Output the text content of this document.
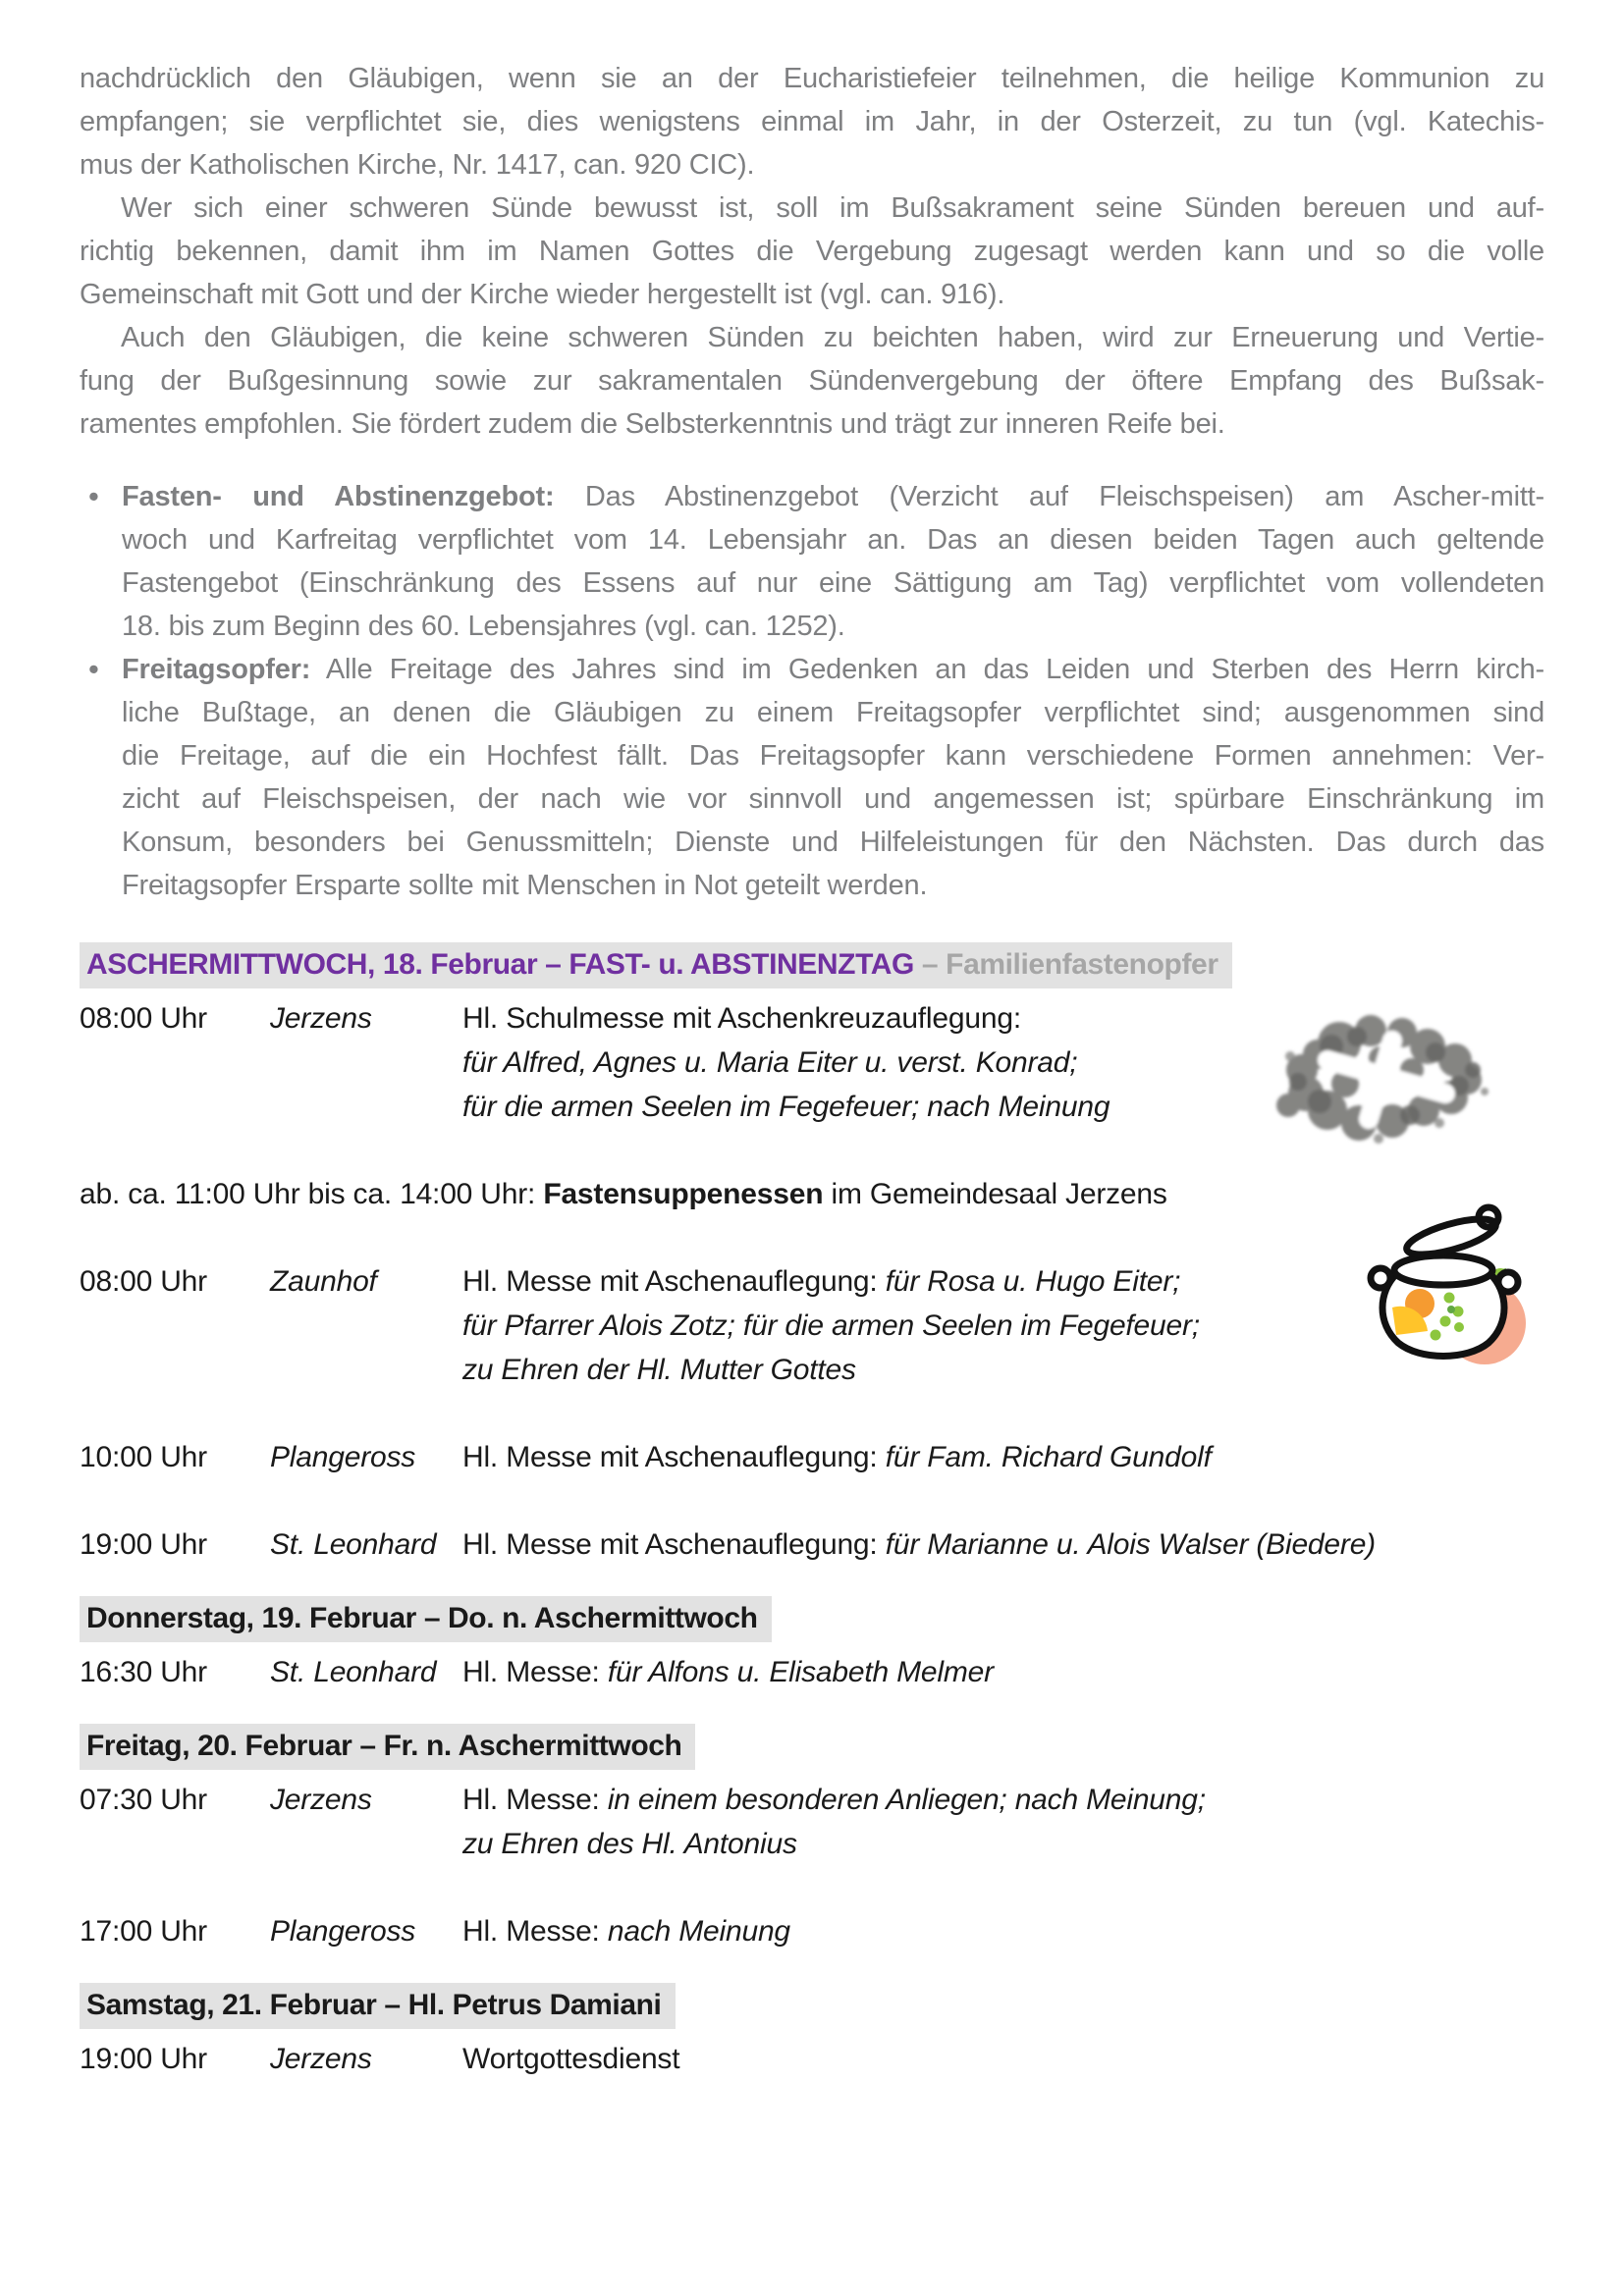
nachdrücklich den Gläubigen, wenn sie an der Eucharistiefeier teilnehmen, die heilige Kommunion zu
empfangen; sie verpflichtet sie, dies wenigstens einmal im Jahr, in der Osterzeit, zu tun (vgl. Katechis-
mus der Katholischen Kirche, Nr. 1417, can. 920 CIC).
Wer sich einer schweren Sünde bewusst ist, soll im Bußsakrament seine Sünden bereuen und auf-
richtig bekennen, damit ihm im Namen Gottes die Vergebung zugesagt werden kann und so die volle
Gemeinschaft mit Gott und der Kirche wieder hergestellt ist (vgl. can. 916).
Auch den Gläubigen, die keine schweren Sünden zu beichten haben, wird zur Erneuerung und Vertie-
fung der Bußgesinnung sowie zur sakramentalen Sündenvergebung der öftere Empfang des Bußsak-
ramentes empfohlen. Sie fördert zudem die Selbsterkenntnis und trägt zur inneren Reife bei.
• Fasten- und Abstinenzgebot: Das Abstinenzgebot (Verzicht auf Fleischspeisen) am Ascher-mitt-
woch und Karfreitag verpflichtet vom 14. Lebensjahr an. Das an diesen beiden Tagen auch geltende
Fastengebot (Einschränkung des Essens auf nur eine Sättigung am Tag) verpflichtet vom vollendeten
18. bis zum Beginn des 60. Lebensjahres (vgl. can. 1252).
• Freitagsopfer: Alle Freitage des Jahres sind im Gedenken an das Leiden und Sterben des Herrn kirch-
liche Bußtage, an denen die Gläubigen zu einem Freitagsopfer verpflichtet sind; ausgenommen sind
die Freitage, auf die ein Hochfest fällt. Das Freitagsopfer kann verschiedene Formen annehmen: Ver-
zicht auf Fleischspeisen, der nach wie vor sinnvoll und angemessen ist; spürbare Einschränkung im
Konsum, besonders bei Genussmitteln; Dienste und Hilfeleistungen für den Nächsten. Das durch das
Freitagsopfer Ersparte sollte mit Menschen in Not geteilt werden.
ASCHERMITTWOCH, 18. Februar – FAST- u. ABSTINENZTAG – Familienfastenopfer
08:00 Uhr	Jerzens	Hl. Schulmesse mit Aschenkreuzauflegung:
für Alfred, Agnes u. Maria Eiter u. verst. Konrad;
für die armen Seelen im Fegefeuer; nach Meinung
ab. ca. 11:00 Uhr bis ca. 14:00 Uhr: Fastensuppenessen im Gemeindesaal Jerzens
08:00 Uhr	Zaunhof	Hl. Messe mit Aschenauflegung: für Rosa u. Hugo Eiter;
für Pfarrer Alois Zotz; für die armen Seelen im Fegefeuer;
zu Ehren der Hl. Mutter Gottes
10:00 Uhr	Plangeross	Hl. Messe mit Aschenauflegung: für Fam. Richard Gundolf
19:00 Uhr	St. Leonhard Hl. Messe mit Aschenauflegung: für Marianne u. Alois Walser (Biedere)
Donnerstag, 19. Februar – Do. n. Aschermittwoch
16:30 Uhr	St. Leonhard Hl. Messe: für Alfons u. Elisabeth Melmer
Freitag, 20. Februar – Fr. n. Aschermittwoch
07:30 Uhr	Jerzens	Hl. Messe: in einem besonderen Anliegen; nach Meinung;
zu Ehren des Hl. Antonius
17:00 Uhr	Plangeross	Hl. Messe: nach Meinung
Samstag, 21. Februar – Hl. Petrus Damiani
19:00 Uhr	Jerzens	Wortgottesdienst
